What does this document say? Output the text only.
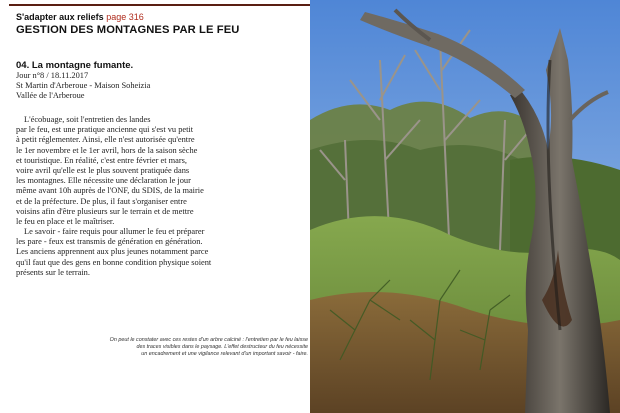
S'adapter aux reliefs page 316
GESTION DES MONTAGNES PAR LE FEU
04. La montagne fumante.
Jour n°8 / 18.11.2017
St Martin d'Arberoue - Maison Soheizia
Vallée de l'Arberoue
L'écobuage, soit l'entretien des landes
par le feu, est une pratique ancienne qui s'est vu petit
à petit réglementer. Ainsi, elle n'est autorisée qu'entre
le 1er novembre et le 1er avril, hors de la saison sèche
et touristique. En réalité, c'est entre février et mars,
voire avril qu'elle est le plus souvent pratiquée dans
les montagnes. Elle nécessite une déclaration le jour
même avant 10h auprès de l'ONF, du SDIS, de la mairie
et de la préfecture. De plus, il faut s'organiser entre
voisins afin d'être plusieurs sur le terrain et de mettre
le feu en place et le maîtriser.
Le savoir - faire requis pour allumer le feu et préparer
les pare - feux est transmis de génération en génération.
Les anciens apprennent aux plus jeunes notamment parce
qu'il faut que des gens en bonne condition physique soient
présents sur le terrain.
On peut le constater avec ces restes d'un arbre calciné : l'entretien par le feu laisse
des traces visibles dans le paysage. L'effet destructeur du feu nécessite
un encadrement et une vigilance relevant d'un important savoir - faire.
